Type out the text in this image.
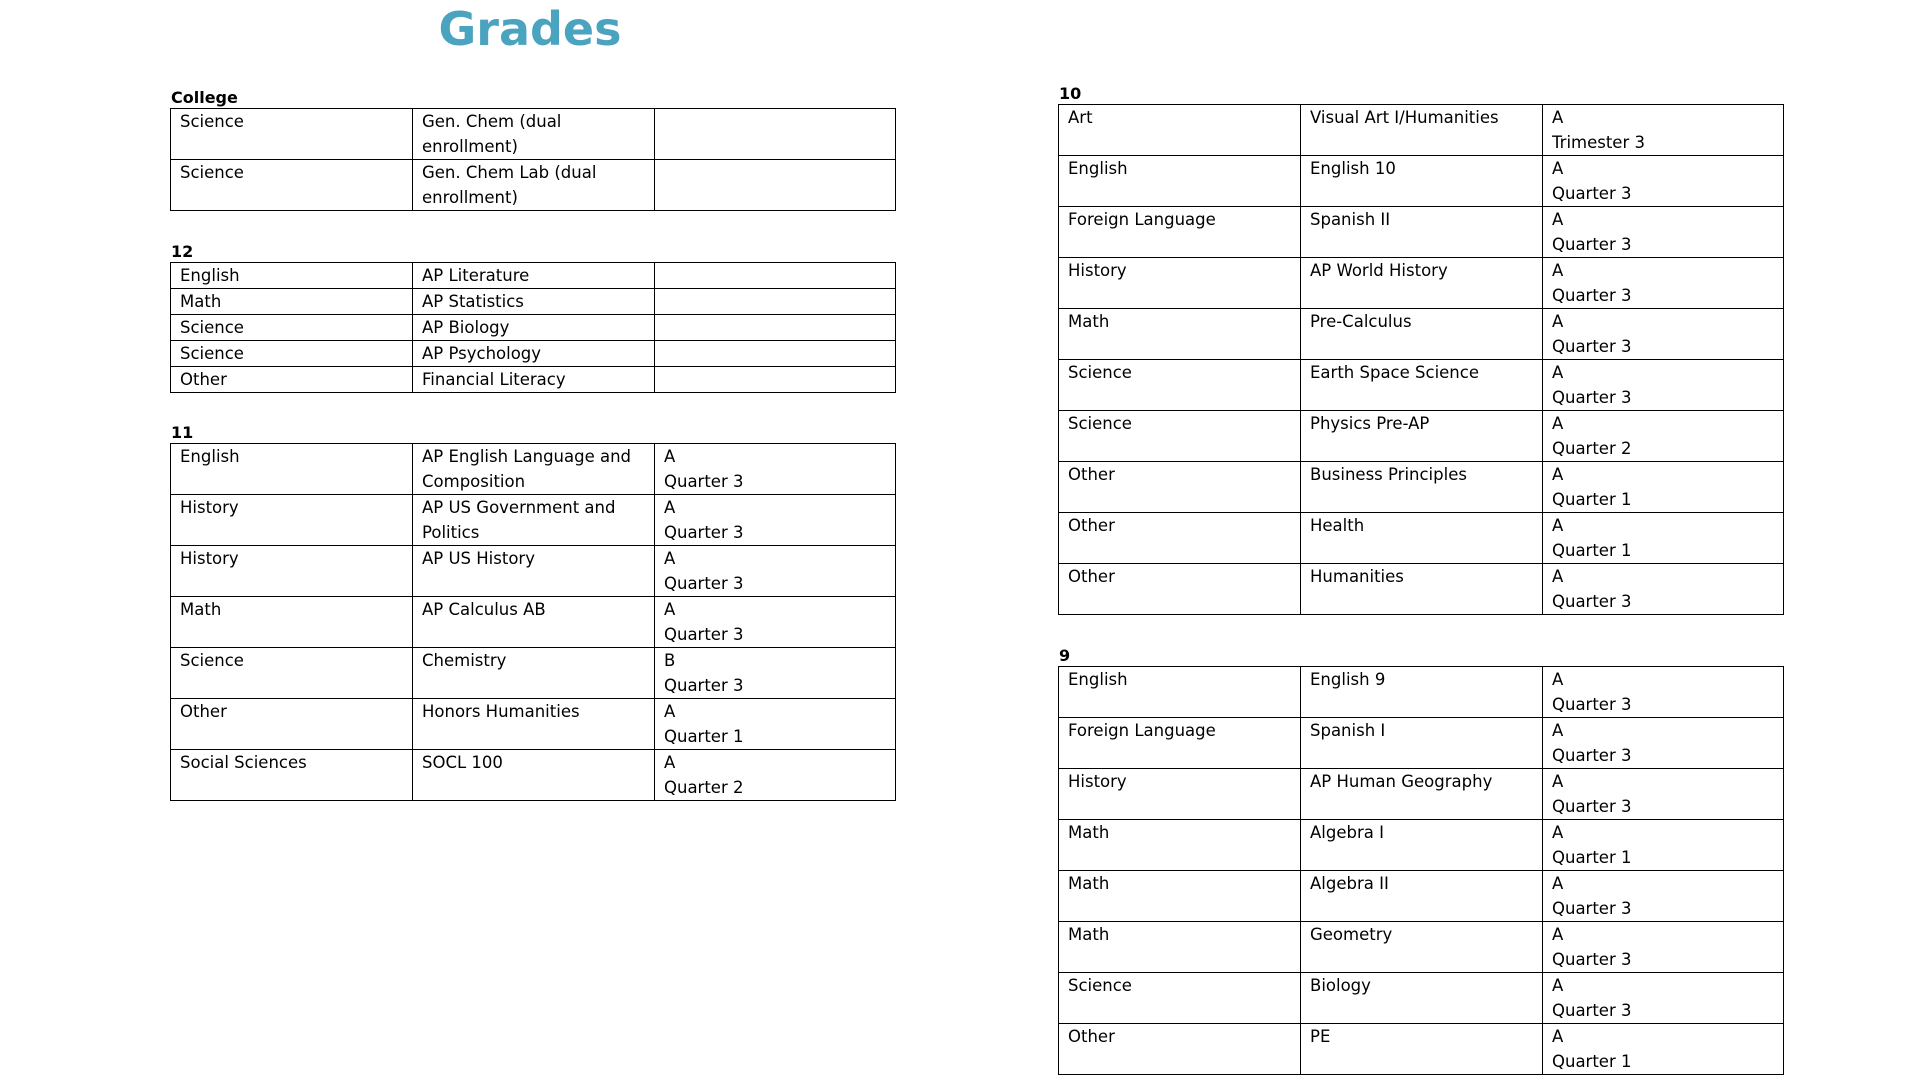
Grades
College
Science	Gen. Chem (dual enrollment)	

Science	Gen. Chem Lab (dual enrollment)	
12
English	AP Literature	

Math	AP Statistics	

Science	AP Biology	

Science	AP Psychology	

Other	Financial Literacy	
11
English	AP English Language and Composition	A
Quarter 3

History	AP US Government and Politics	A
Quarter 3

History	AP US History	A
Quarter 3

Math	AP Calculus AB	A
Quarter 3

Science	Chemistry	B
Quarter 3

Other	Honors Humanities	A
Quarter 1

Social Sciences	SOCL 100	A
Quarter 2
10
Art	Visual Art I/Humanities	A
Trimester 3

English	English 10	A
Quarter 3

Foreign Language	Spanish II	A
Quarter 3

History	AP World History	A
Quarter 3

Math	Pre-Calculus	A
Quarter 3

Science	Earth Space Science	A
Quarter 3

Science	Physics Pre-AP	A
Quarter 2

Other	Business Principles	A
Quarter 1

Other	Health	A
Quarter 1

Other	Humanities	A
Quarter 3
9
English	English 9	A
Quarter 3

Foreign Language	Spanish I	A
Quarter 3

History	AP Human Geography	A
Quarter 3

Math	Algebra I	A
Quarter 1

Math	Algebra II	A
Quarter 3

Math	Geometry	A
Quarter 3

Science	Biology	A
Quarter 3

Other	PE	A
Quarter 1
